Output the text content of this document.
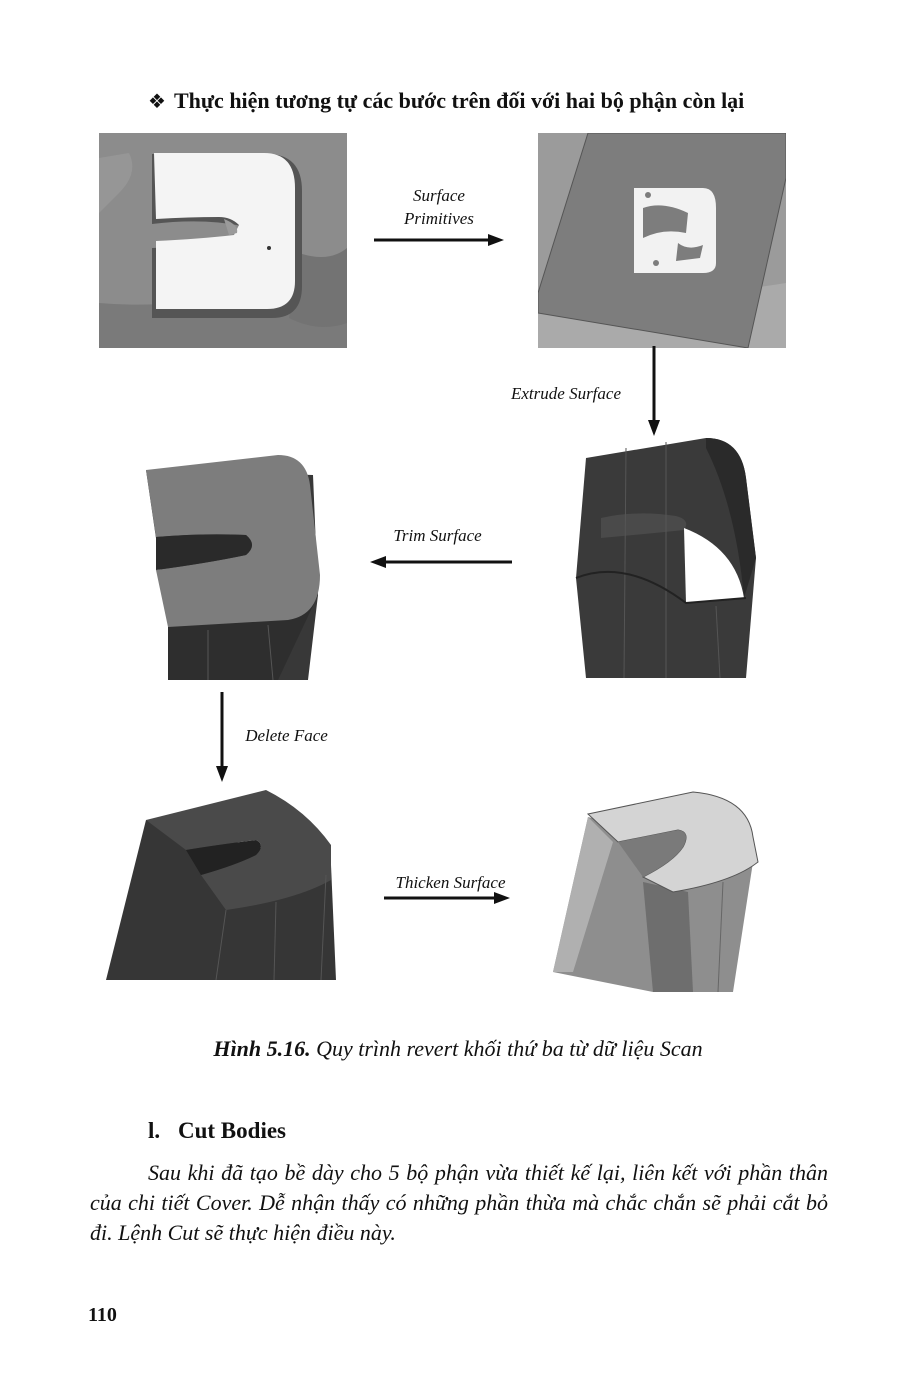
❖ Thực hiện tương tự các bước trên đối với hai bộ phận còn lại
Surface
Primitives
Extrude Surface
Trim Surface
Delete Face
Thicken Surface
Hình 5.16. Quy trình revert khối thứ ba từ dữ liệu Scan
l. Cut Bodies
Sau khi đã tạo bề dày cho 5 bộ phận vừa thiết kế lại, liên kết với phần thân của chi tiết Cover. Dễ nhận thấy có những phần thừa mà chắc chắn sẽ phải cắt bỏ đi. Lệnh Cut sẽ thực hiện điều này.
110
